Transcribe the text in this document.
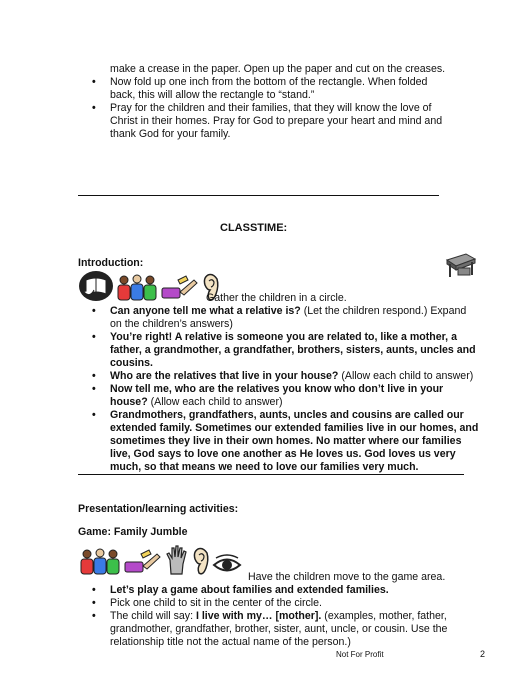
make a crease in the paper. Open up the paper and cut on the creases.
• Now fold up one inch from the bottom of the rectangle. When folded back, this will allow the rectangle to “stand.”
• Pray for the children and their families, that they will know the love of Christ in their homes. Pray for God to prepare your heart and mind and thank God for your family.
CLASSTIME:
Introduction:
Gather the children in a circle.
• Can anyone tell me what a relative is? (Let the children respond.) Expand on the children’s answers)
• You’re right! A relative is someone you are related to, like a mother, a father, a grandmother, a grandfather, brothers, sisters, aunts, uncles and cousins.
• Who are the relatives that live in your house? (Allow each child to answer)
• Now tell me, who are the relatives you know who don’t live in your house? (Allow each child to answer)
• Grandmothers, grandfathers, aunts, uncles and cousins are called our extended family. Sometimes our extended families live in our homes, and sometimes they live in their own homes. No matter where our families live, God says to love one another as He loves us. God loves us very much, so that means we need to love our families very much.
Presentation/learning activities:
Game: Family Jumble
Have the children move to the game area.
• Let’s play a game about families and extended families.
• Pick one child to sit in the center of the circle.
• The child will say: I live with my… [mother]. (examples, mother, father, grandmother, grandfather, brother, sister, aunt, uncle, or cousin. Use the relationship title not the actual name of the person.)
Not For Profit	2
